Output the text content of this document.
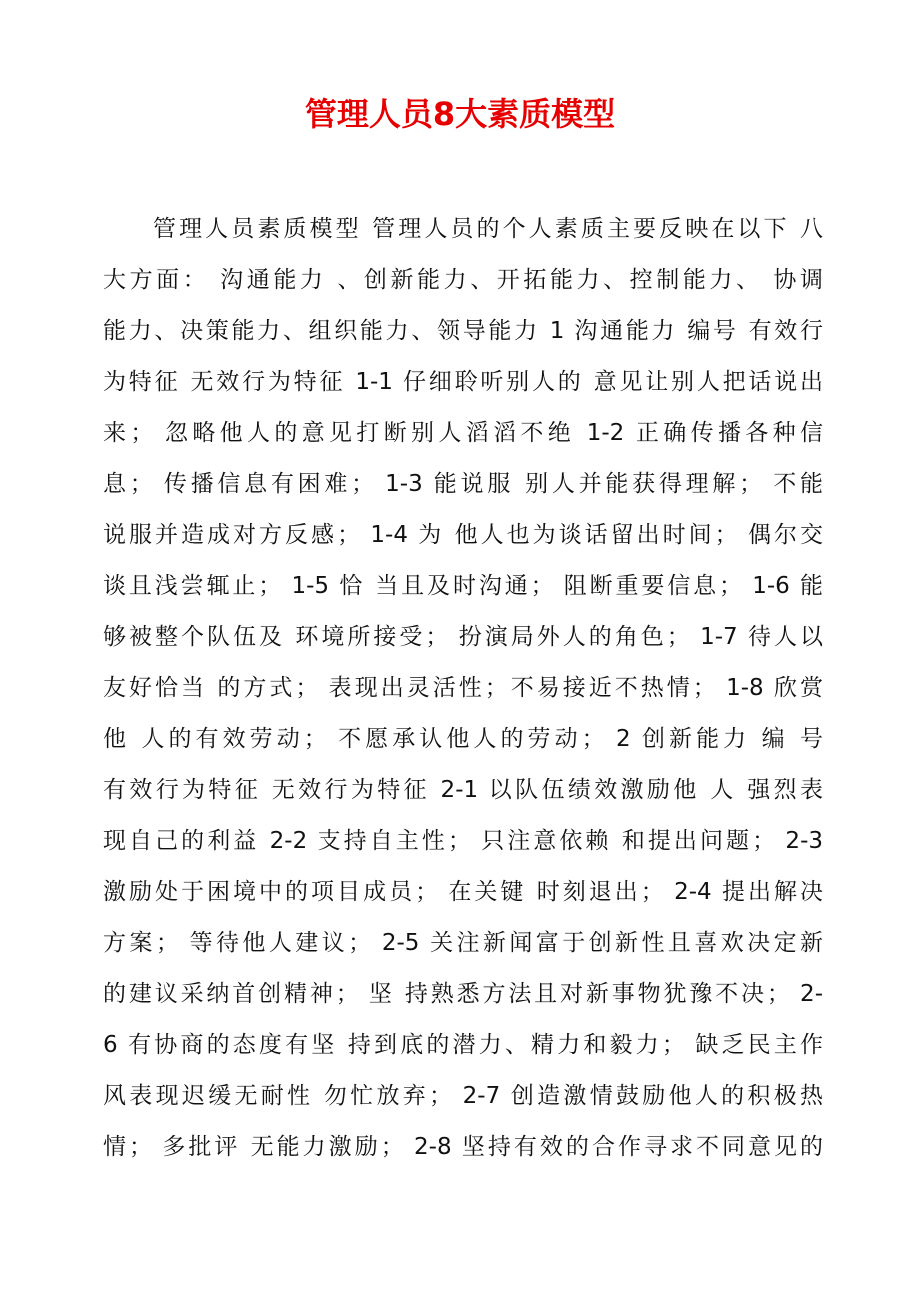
管理人员8大素质模型
管理人员素质模型 管理人员的个人素质主要反映在以下 八
大方面： 沟通能力 、创新能力、开拓能力、控制能力、 协调
能力、决策能力、组织能力、领导能力 1 沟通能力 编号 有效行
为特征 无效行为特征 1-1 仔细聆听别人的 意见让别人把话说出
来； 忽略他人的意见打断别人滔滔不绝 1-2 正确传播各种信
息； 传播信息有困难； 1-3 能说服 别人并能获得理解； 不能
说服并造成对方反感； 1-4 为 他人也为谈话留出时间； 偶尔交
谈且浅尝辄止； 1-5 恰 当且及时沟通； 阻断重要信息； 1-6 能
够被整个队伍及 环境所接受； 扮演局外人的角色； 1-7 待人以
友好恰当 的方式； 表现出灵活性；不易接近不热情； 1-8 欣赏
他 人的有效劳动； 不愿承认他人的劳动； 2 创新能力 编 号
有效行为特征 无效行为特征 2-1 以队伍绩效激励他 人 强烈表
现自己的利益 2-2 支持自主性； 只注意依赖 和提出问题； 2-3
激励处于困境中的项目成员； 在关键 时刻退出； 2-4 提出解决
方案； 等待他人建议； 2-5 关注新闻富于创新性且喜欢决定新
的建议采纳首创精神； 坚 持熟悉方法且对新事物犹豫不决； 2-
6 有协商的态度有坚 持到底的潜力、精力和毅力； 缺乏民主作
风表现迟缓无耐性 勿忙放弃； 2-7 创造激情鼓励他人的积极热
情； 多批评 无能力激励； 2-8 坚持有效的合作寻求不同意见的
